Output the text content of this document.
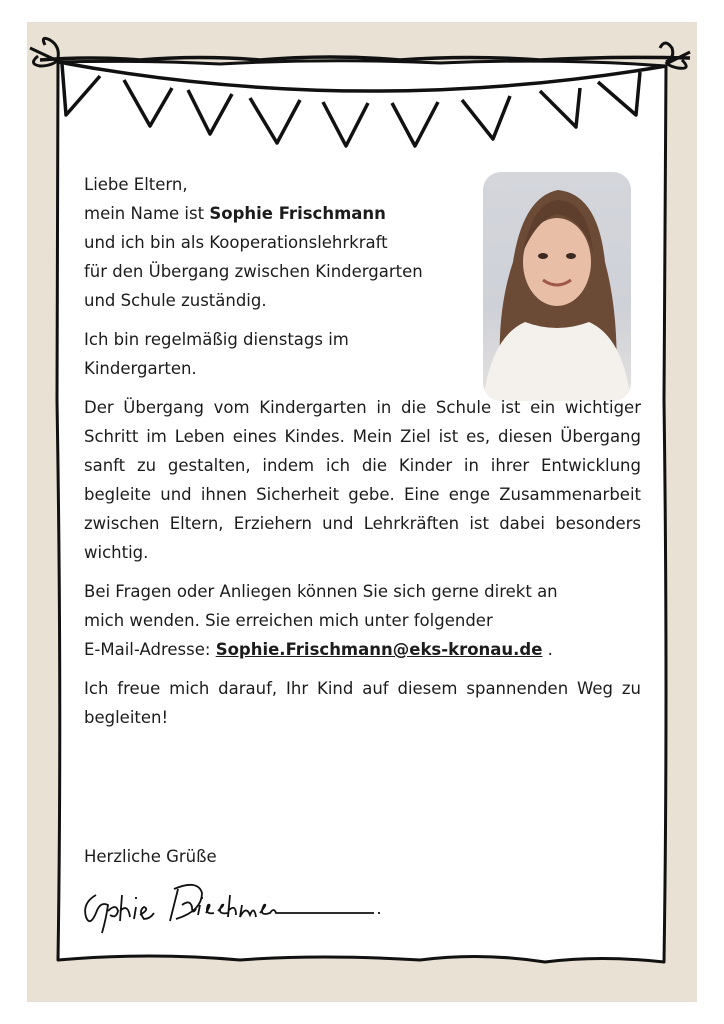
Liebe Eltern,
mein Name ist Sophie Frischmann
und ich bin als Kooperationslehrkraft
für den Übergang zwischen Kindergarten
und Schule zuständig.

Ich bin regelmäßig dienstags im
Kindergarten.

Der Übergang vom Kindergarten in die Schule ist ein wichtiger Schritt im Leben eines Kindes. Mein Ziel ist es, diesen Übergang sanft zu gestalten, indem ich die Kinder in ihrer Entwicklung begleite und ihnen Sicherheit gebe. Eine enge Zusammenarbeit zwischen Eltern, Erziehern und Lehrkräften ist dabei besonders wichtig.

Bei Fragen oder Anliegen können Sie sich gerne direkt an
mich wenden. Sie erreichen mich unter folgender
E-Mail-Adresse: Sophie.Frischmann@eks-kronau.de .

Ich freue mich darauf, Ihr Kind auf diesem spannenden Weg zu begleiten!

Herzliche Grüße
